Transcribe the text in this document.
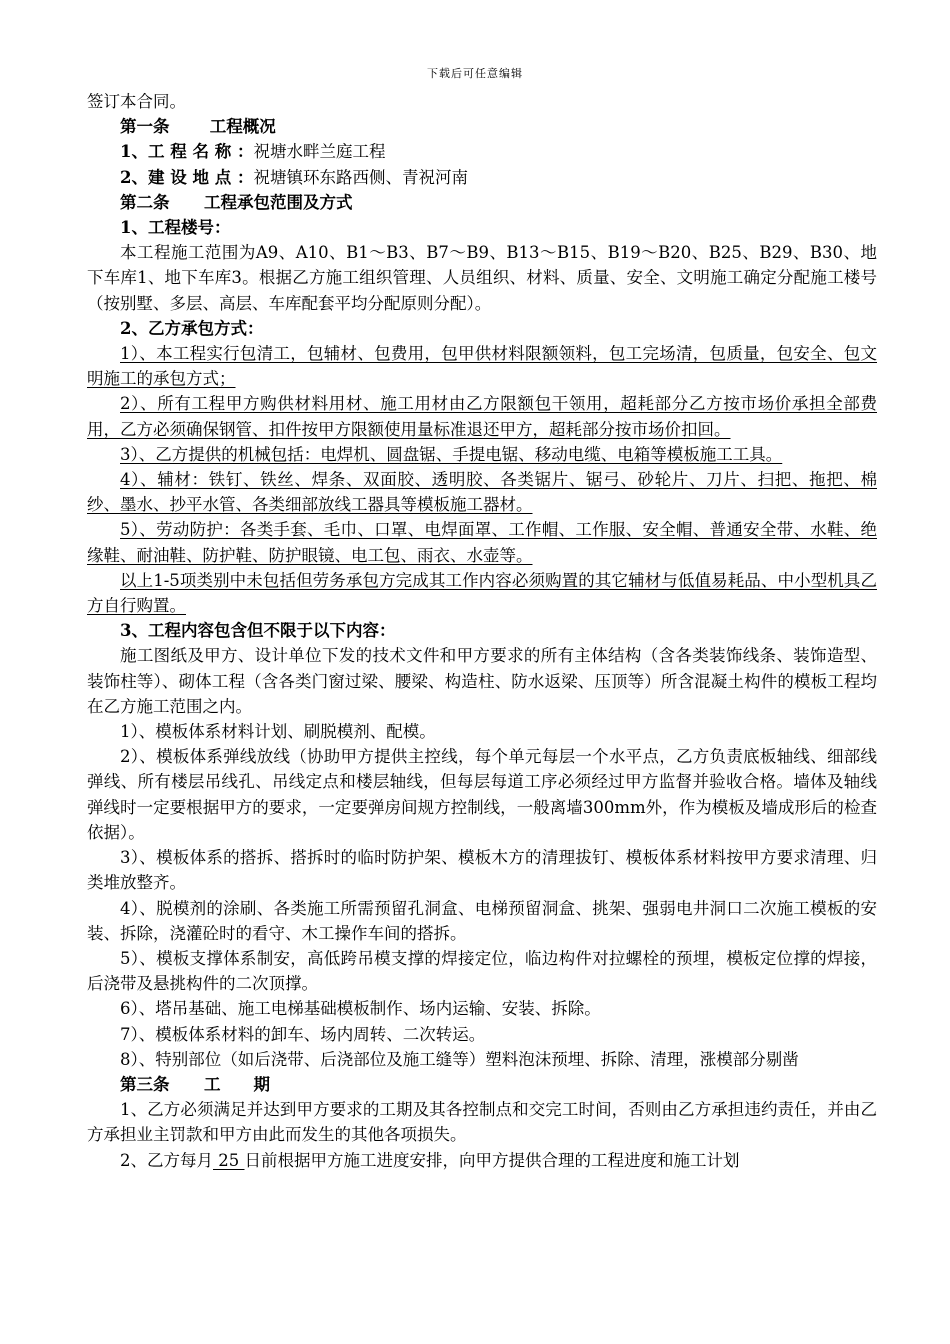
下载后可任意编辑

签订本合同。

第一条 工程概况

1、工 程 名 称 ：祝塘水畔兰庭工程

2、建 设 地 点 ：祝塘镇环东路西侧、青祝河南

第二条 工程承包范围及方式

1、工程楼号：

本工程施工范围为A9、A10、B1～B3、B7～B9、B13～B15、B19～B20、B25、B29、B30、地下车库1、地下车库3。根据乙方施工组织管理、人员组织、材料、质量、安全、文明施工确定分配施工楼号（按别墅、多层、高层、车库配套平均分配原则分配）。

2、乙方承包方式：

1）、本工程实行包清工，包辅材、包费用，包甲供材料限额领料，包工完场清，包质量，包安全、包文明施工的承包方式；

2）、所有工程甲方购供材料用材、施工用材由乙方限额包干领用，超耗部分乙方按市场价承担全部费用，乙方必须确保钢管、扣件按甲方限额使用量标准退还甲方，超耗部分按市场价扣回。

3）、乙方提供的机械包括：电焊机、圆盘锯、手提电锯、移动电缆、电箱等模板施工工具。

4）、辅材：铁钉、铁丝、焊条、双面胶、透明胶、各类锯片、锯弓、砂轮片、刀片、扫把、拖把、棉纱、墨水、抄平水管、各类细部放线工器具等模板施工器材。

5）、劳动防护：各类手套、毛巾、口罩、电焊面罩、工作帽、工作服、安全帽、普通安全带、水鞋、绝缘鞋、耐油鞋、防护鞋、防护眼镜、电工包、雨衣、水壶等。

以上1-5项类别中未包括但劳务承包方完成其工作内容必须购置的其它辅材与低值易耗品、中小型机具乙方自行购置。

3、工程内容包含但不限于以下内容：

施工图纸及甲方、设计单位下发的技术文件和甲方要求的所有主体结构（含各类装饰线条、装饰造型、装饰柱等）、砌体工程（含各类门窗过梁、腰梁、构造柱、防水返梁、压顶等）所含混凝土构件的模板工程均在乙方施工范围之内。

1）、模板体系材料计划、刷脱模剂、配模。

2）、模板体系弹线放线（协助甲方提供主控线，每个单元每层一个水平点，乙方负责底板轴线、细部线弹线、所有楼层吊线孔、吊线定点和楼层轴线，但每层每道工序必须经过甲方监督并验收合格。墙体及轴线弹线时一定要根据甲方的要求，一定要弹房间规方控制线，一般离墙300mm外，作为模板及墙成形后的检查依据）。

3）、模板体系的搭拆、搭拆时的临时防护架、模板木方的清理拔钉、模板体系材料按甲方要求清理、归类堆放整齐。

4）、脱模剂的涂刷、各类施工所需预留孔洞盒、电梯预留洞盒、挑架、强弱电井洞口二次施工模板的安装、拆除，浇灌砼时的看守、木工操作车间的搭拆。

5）、模板支撑体系制安，高低跨吊模支撑的焊接定位，临边构件对拉螺栓的预埋，模板定位撑的焊接，后浇带及悬挑构件的二次顶撑。

6）、塔吊基础、施工电梯基础模板制作、场内运输、安装、拆除。

7）、模板体系材料的卸车、场内周转、二次转运。

8）、特别部位（如后浇带、后浇部位及施工缝等）塑料泡沫预埋、拆除、清理，涨模部分剔凿

第三条 工　　期

1、乙方必须满足并达到甲方要求的工期及其各控制点和交完工时间，否则由乙方承担违约责任，并由乙方承担业主罚款和甲方由此而发生的其他各项损失。

2、乙方每月 25 日前根据甲方施工进度安排，向甲方提供合理的工程进度和施工计划
